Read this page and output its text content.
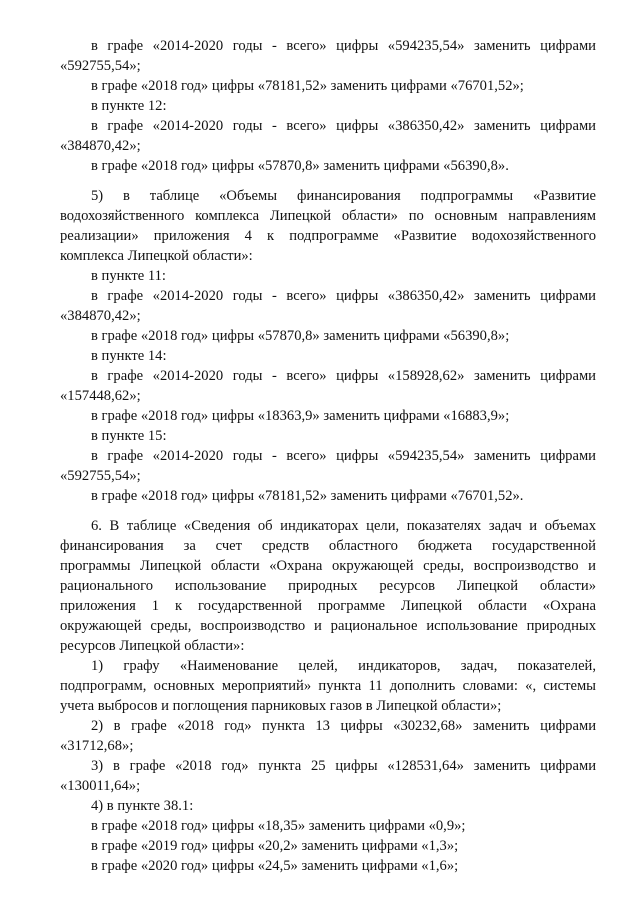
в графе «2014-2020 годы - всего» цифры «594235,54» заменить цифрами
«592755,54»;
в графе «2018 год» цифры «78181,52» заменить цифрами «76701,52»;
в пункте 12:
в графе «2014-2020 годы - всего» цифры «386350,42» заменить цифрами
«384870,42»;
в графе «2018 год» цифры «57870,8» заменить цифрами «56390,8».
5) в таблице «Объемы финансирования подпрограммы «Развитие
водохозяйственного комплекса Липецкой области» по основным направлениям
реализации» приложения 4 к подпрограмме «Развитие водохозяйственного
комплекса Липецкой области»:
в пункте 11:
в графе «2014-2020 годы - всего» цифры «386350,42» заменить цифрами
«384870,42»;
в графе «2018 год» цифры «57870,8» заменить цифрами «56390,8»;
в пункте 14:
в графе «2014-2020 годы - всего» цифры «158928,62» заменить цифрами
«157448,62»;
в графе «2018 год» цифры «18363,9» заменить цифрами «16883,9»;
в пункте 15:
в графе «2014-2020 годы - всего» цифры «594235,54» заменить цифрами
«592755,54»;
в графе «2018 год» цифры «78181,52» заменить цифрами «76701,52».
6. В таблице «Сведения об индикаторах цели, показателях задач и объемах
финансирования за счет средств областного бюджета государственной
программы Липецкой области «Охрана окружающей среды, воспроизводство и
рационального использование природных ресурсов Липецкой области»
приложения 1 к государственной программе Липецкой области «Охрана
окружающей среды, воспроизводство и рациональное использование природных
ресурсов Липецкой области»:
1) графу «Наименование целей, индикаторов, задач, показателей,
подпрограмм, основных мероприятий» пункта 11 дополнить словами: «, системы
учета выбросов и поглощения парниковых газов в Липецкой области»;
2) в графе «2018 год» пункта 13 цифры «30232,68» заменить цифрами
«31712,68»;
3) в графе «2018 год» пункта 25 цифры «128531,64» заменить цифрами
«130011,64»;
4) в пункте 38.1:
в графе «2018 год» цифры «18,35» заменить цифрами «0,9»;
в графе «2019 год» цифры «20,2» заменить цифрами «1,3»;
в графе «2020 год» цифры «24,5» заменить цифрами «1,6»;
